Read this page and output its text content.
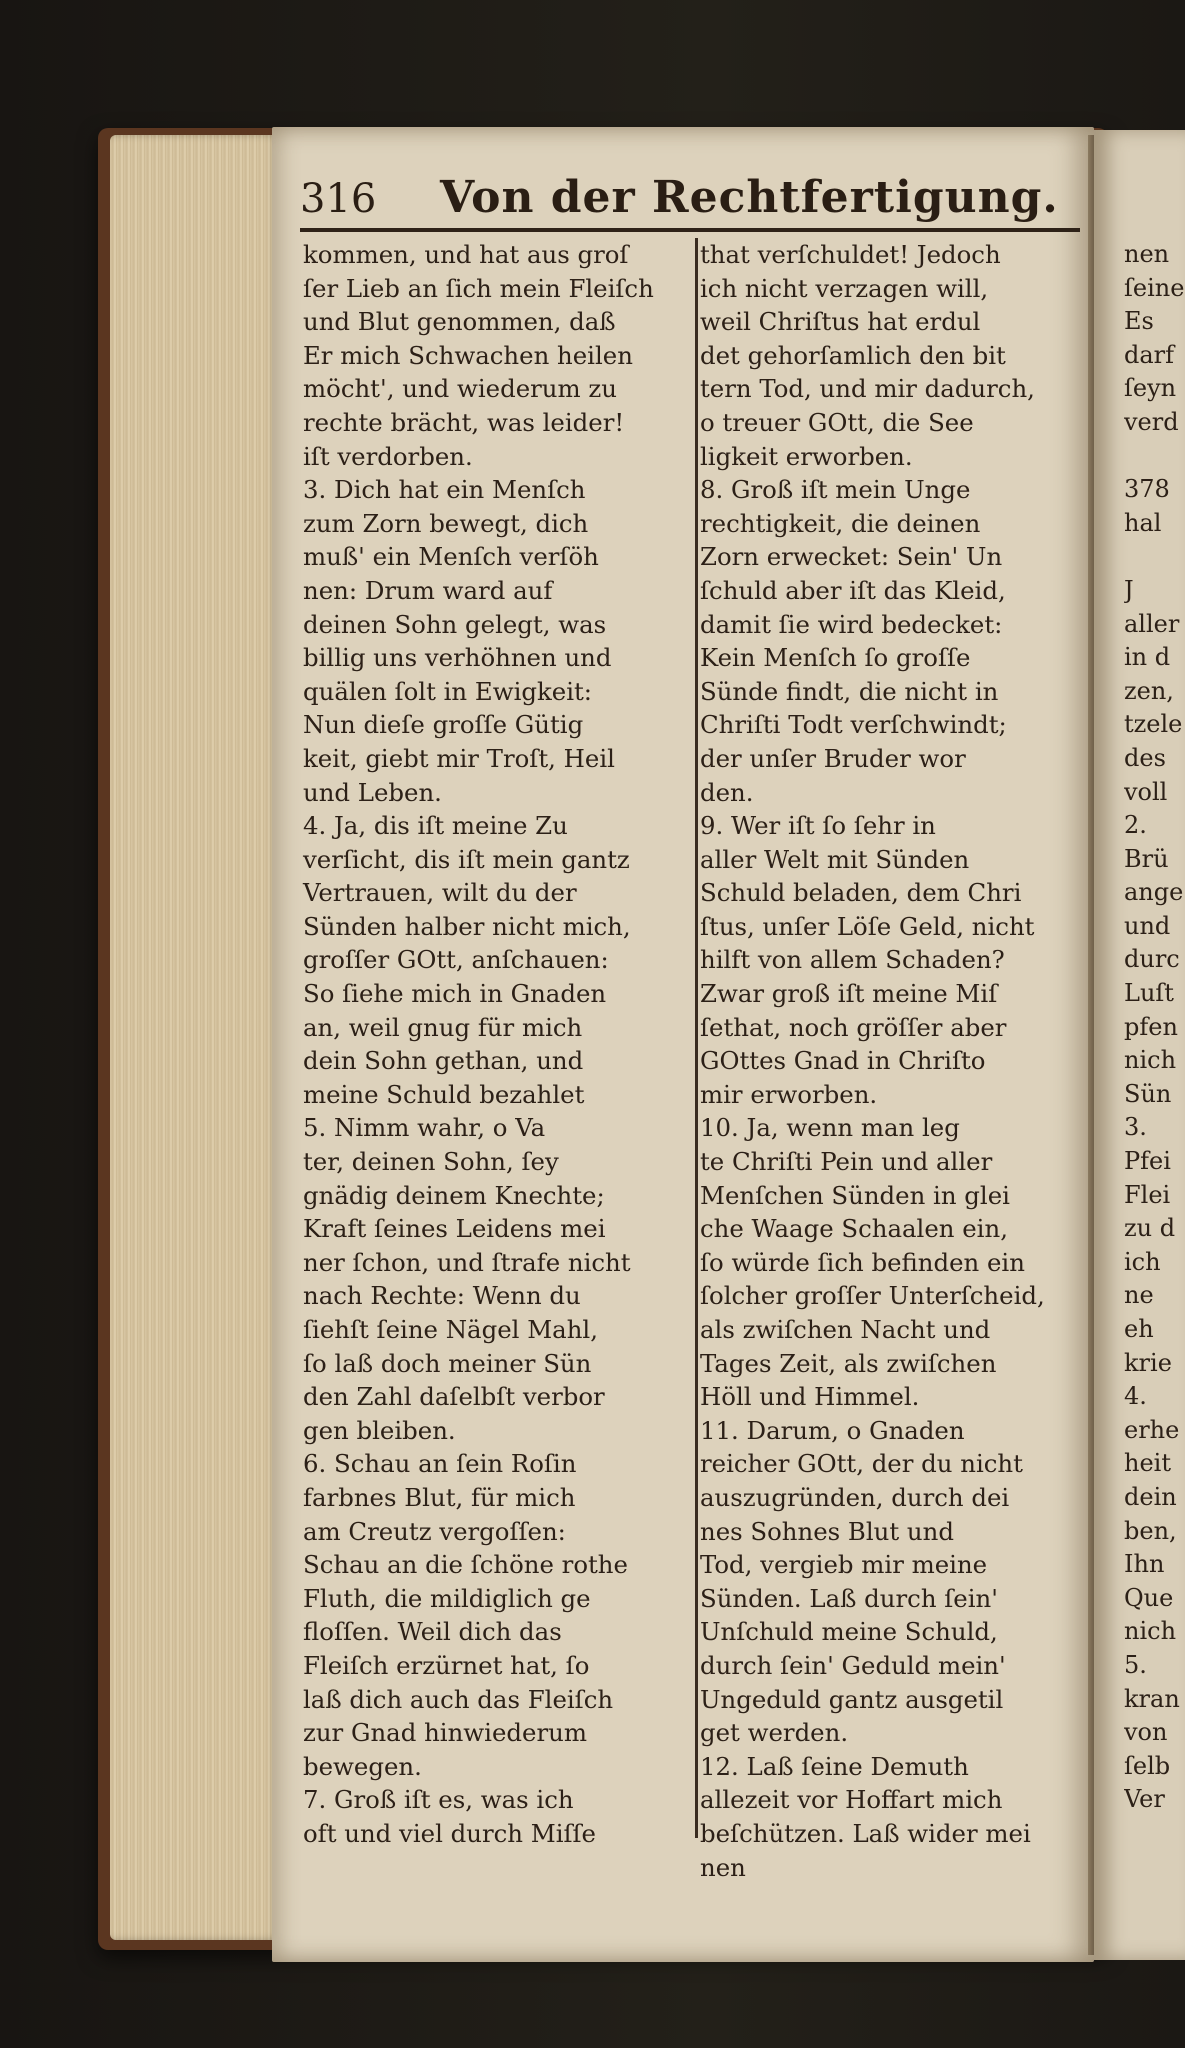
316 Von der Rechtfertigung.
kommen, und hat aus groſ
ſer Lieb an ſich mein Fleiſch
und Blut genommen, daß
Er mich Schwachen heilen
möcht', und wiederum zu
rechte brächt, was leider!
iſt verdorben.
3. Dich hat ein Menſch
zum Zorn bewegt, dich
muß' ein Menſch verſöh
nen: Drum ward auf
deinen Sohn gelegt, was
billig uns verhöhnen und
quälen ſolt in Ewigkeit:
Nun dieſe groſſe Gütig
keit, giebt mir Troſt, Heil
und Leben.
4. Ja, dis iſt meine Zu
verſicht, dis iſt mein gantz
Vertrauen, wilt du der
Sünden halber nicht mich,
groſſer GOtt, anſchauen:
So ſiehe mich in Gnaden
an, weil gnug für mich
dein Sohn gethan, und
meine Schuld bezahlet
5. Nimm wahr, o Va
ter, deinen Sohn, ſey
gnädig deinem Knechte;
Kraft ſeines Leidens mei
ner ſchon, und ſtrafe nicht
nach Rechte: Wenn du
ſiehſt ſeine Nägel Mahl,
ſo laß doch meiner Sün
den Zahl daſelbſt verbor
gen bleiben.
6. Schau an ſein Roſin
farbnes Blut, für mich
am Creutz vergoſſen:
Schau an die ſchöne rothe
Fluth, die mildiglich ge
floſſen. Weil dich das
Fleiſch erzürnet hat, ſo
laß dich auch das Fleiſch
zur Gnad hinwiederum
bewegen.
7. Groß iſt es, was ich
oft und viel durch Miſſe
that verſchuldet! Jedoch
ich nicht verzagen will,
weil Chriſtus hat erdul
det gehorſamlich den bit
tern Tod, und mir dadurch,
o treuer GOtt, die See
ligkeit erworben.
8. Groß iſt mein Unge
rechtigkeit, die deinen
Zorn erwecket: Sein' Un
ſchuld aber iſt das Kleid,
damit ſie wird bedecket:
Kein Menſch ſo groſſe
Sünde findt, die nicht in
Chriſti Todt verſchwindt;
der unſer Bruder wor
den.
9. Wer iſt ſo ſehr in
aller Welt mit Sünden
Schuld beladen, dem Chri
ſtus, unſer Löſe Geld, nicht
hilft von allem Schaden?
Zwar groß iſt meine Miſ
ſethat, noch gröſſer aber
GOttes Gnad in Chriſto
mir erworben.
10. Ja, wenn man leg
te Chriſti Pein und aller
Menſchen Sünden in glei
che Waage Schaalen ein,
ſo würde ſich befinden ein
ſolcher groſſer Unterſcheid,
als zwiſchen Nacht und
Tages Zeit, als zwiſchen
Höll und Himmel.
11. Darum, o Gnaden
reicher GOtt, der du nicht
auszugründen, durch dei
nes Sohnes Blut und
Tod, vergieb mir meine
Sünden. Laß durch ſein'
Unſchuld meine Schuld,
durch ſein' Geduld mein'
Ungeduld gantz ausgetil
get werden.
12. Laß ſeine Demuth
allezeit vor Hoffart mich
beſchützen. Laß wider mei
nen
nen
ſeine
Es
darf
ſeyn
verd
378
hal
J
aller
in d
zen,
tzele
des
voll
2.
Brü
ange
und
durc
Luſt
pfen
nich
Sün
3.
Pfei
Flei
zu d
ich
ne
eh
krie
4.
erhe
heit
dein
ben,
Ihn
Que
nich
5.
kran
von
ſelb
Ver
